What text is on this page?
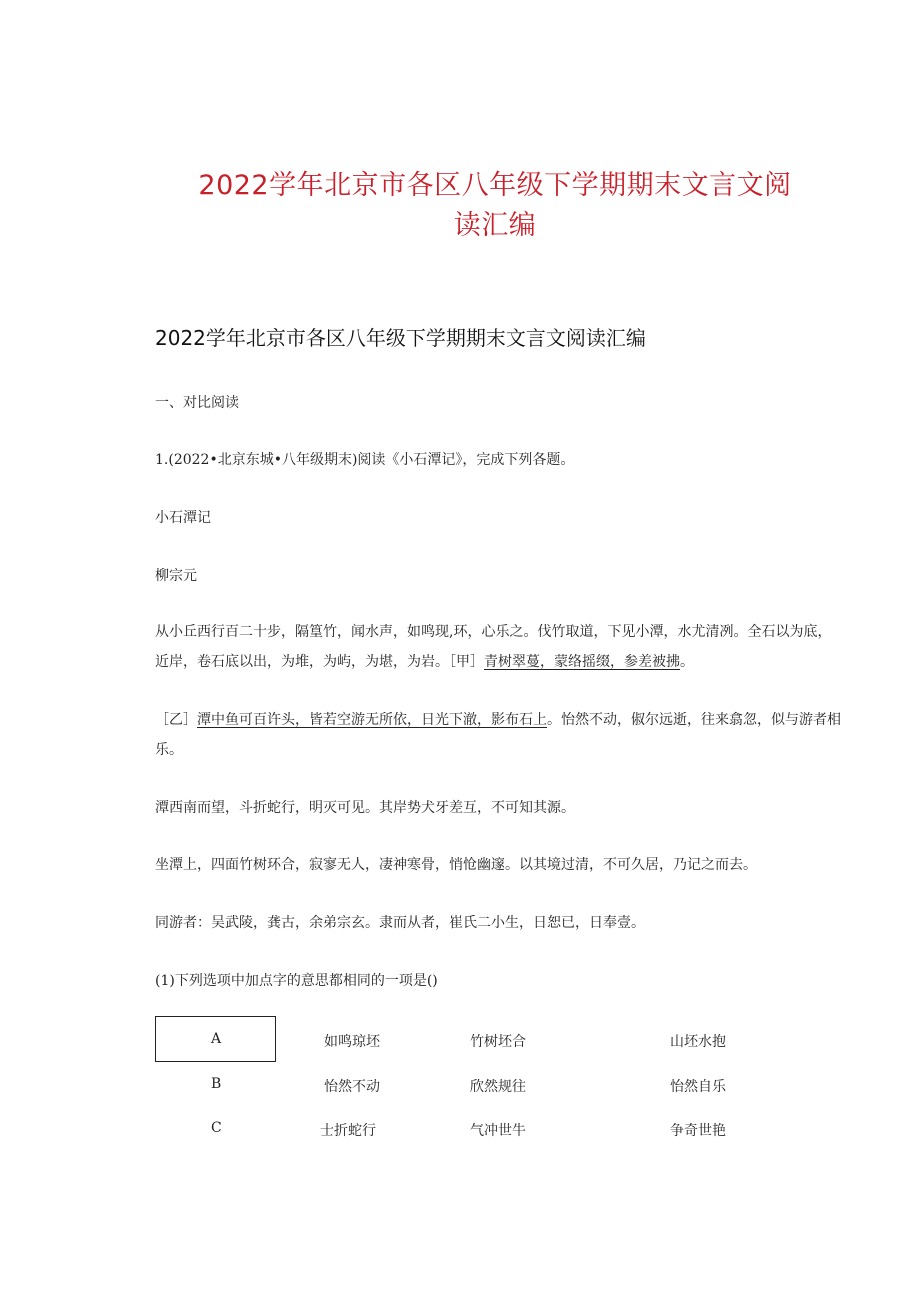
2022学年北京市各区八年级下学期期末文言文阅
读汇编
2022学年北京市各区八年级下学期期末文言文阅读汇编
一、对比阅读
1.(2022•北京东城•八年级期末)阅读《小石潭记》，完成下列各题。
小石潭记
柳宗元
从小丘西行百二十步，隔篁竹，闻水声，如鸣现,环，心乐之。伐竹取道，下见小潭，水尤清冽。全石以为底，近岸，卷石底以出，为堆，为屿，为堪，为岩。［甲］青树翠蔓，蒙络摇缀，参差被拂。
［乙］潭中鱼可百许头，皆若空游无所依，日光下澈，影布石上。怡然不动，俶尔远逝，往来翕忽，似与游者相乐。
潭西南而望，斗折蛇行，明灭可见。其岸势犬牙差互，不可知其源。
坐潭上，四面竹树环合，寂寥无人，凄神寒骨，悄怆幽邃。以其境过清，不可久居，乃记之而去。
同游者：吴武陵，龚古，余弟宗玄。隶而从者，崔氏二小生，日恕已，日奉壹。
(1)下列选项中加点字的意思都相同的一项是()
A	如鸣琼坯	竹树坯合	山坯水抱
B	怡然不动	欣然规往	怡然自乐
C	士折蛇行	气冲世牛	争奇世艳
